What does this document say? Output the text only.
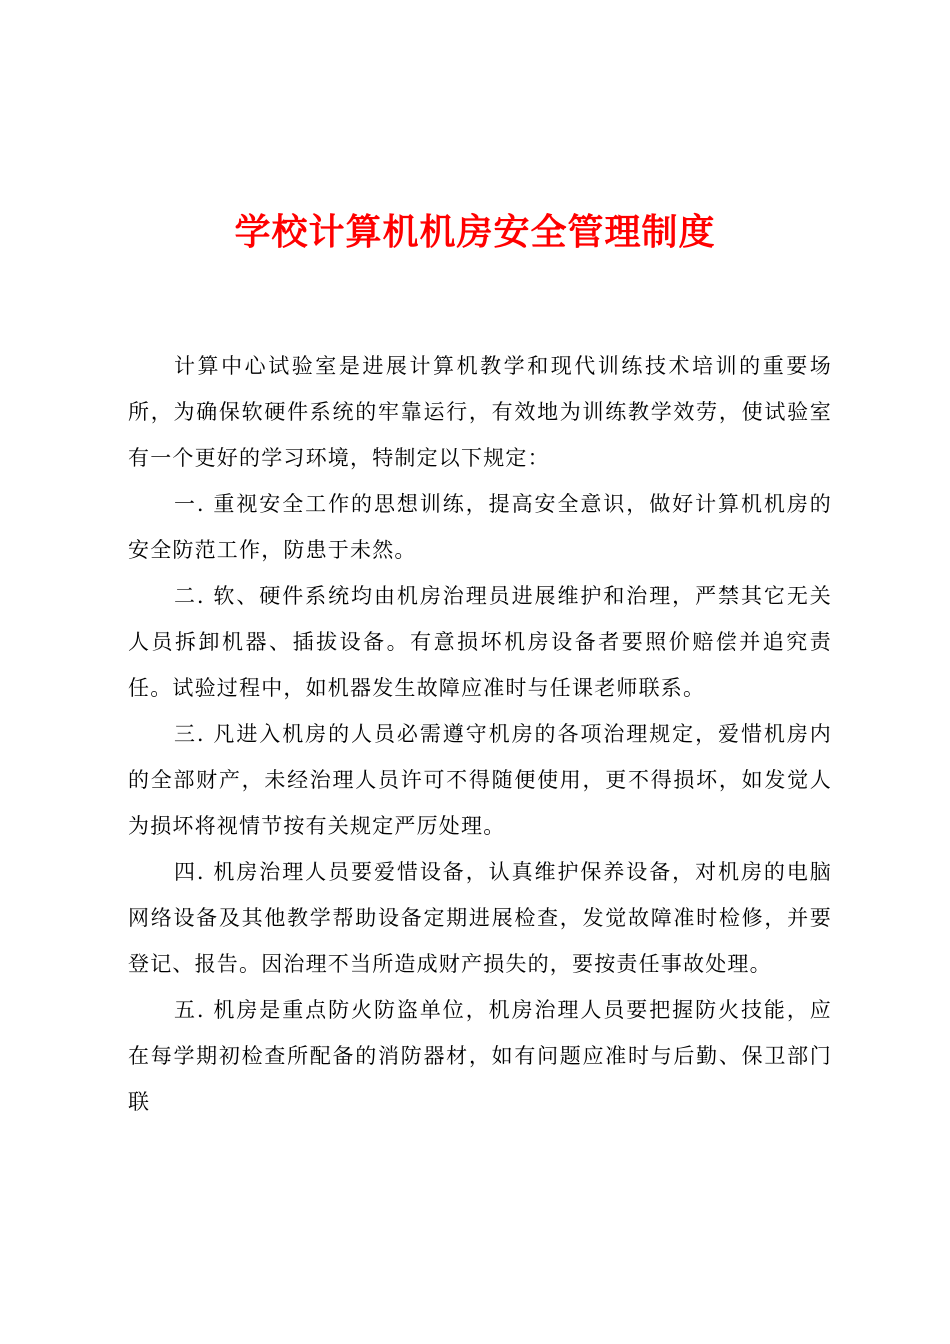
学校计算机机房安全管理制度

计算中心试验室是进展计算机教学和现代训练技术培训的重要场所，为确保软硬件系统的牢靠运行，有效地为训练教学效劳，使试验室有一个更好的学习环境，特制定以下规定：

一. 重视安全工作的思想训练，提高安全意识，做好计算机机房的安全防范工作，防患于未然。

二. 软、硬件系统均由机房治理员进展维护和治理，严禁其它无关人员拆卸机器、插拔设备。有意损坏机房设备者要照价赔偿并追究责任。试验过程中，如机器发生故障应准时与任课老师联系。

三. 凡进入机房的人员必需遵守机房的各项治理规定，爱惜机房内的全部财产，未经治理人员许可不得随便使用，更不得损坏，如发觉人为损坏将视情节按有关规定严厉处理。

四. 机房治理人员要爱惜设备，认真维护保养设备，对机房的电脑网络设备及其他教学帮助设备定期进展检查，发觉故障准时检修，并要登记、报告。因治理不当所造成财产损失的，要按责任事故处理。

五. 机房是重点防火防盗单位，机房治理人员要把握防火技能，应在每学期初检查所配备的消防器材，如有问题应准时与后勤、保卫部门联
